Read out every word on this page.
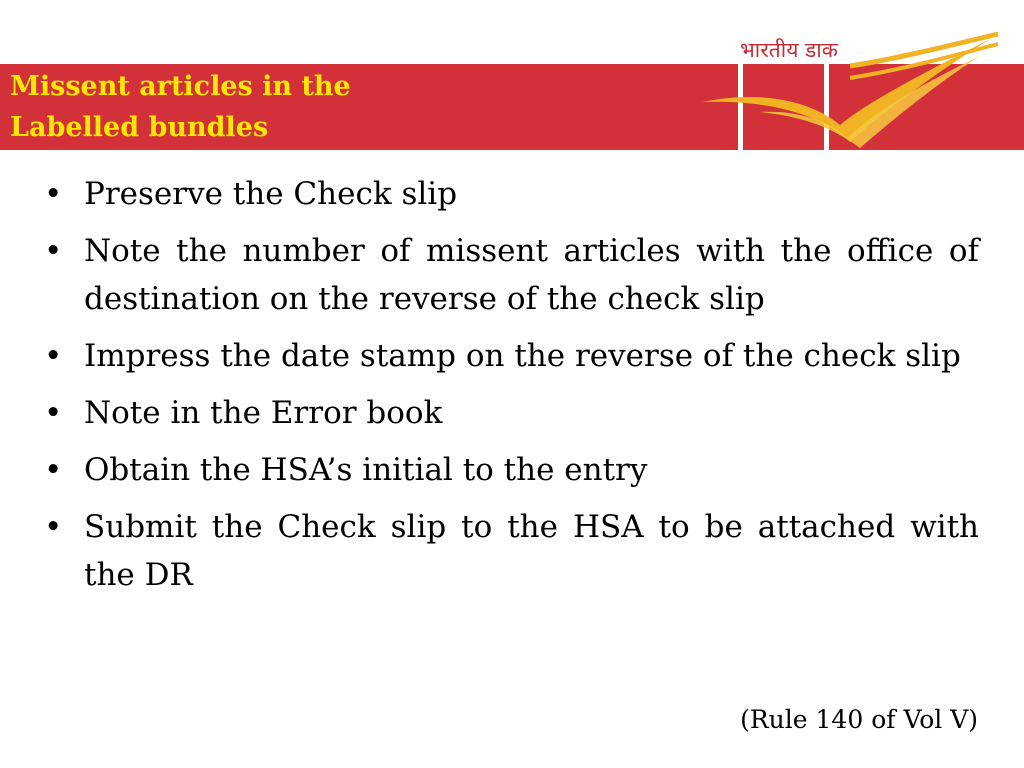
Missent articles in the
Labelled bundles
भारतीय डाक
• Preserve the Check slip
• Note the number of missent articles with the office of destination on the reverse of the check slip
• Impress the date stamp on the reverse of the check slip
• Note in the Error book
• Obtain the HSA’s initial to the entry
• Submit the Check slip to the HSA to be attached with the DR
(Rule 140 of Vol V)
